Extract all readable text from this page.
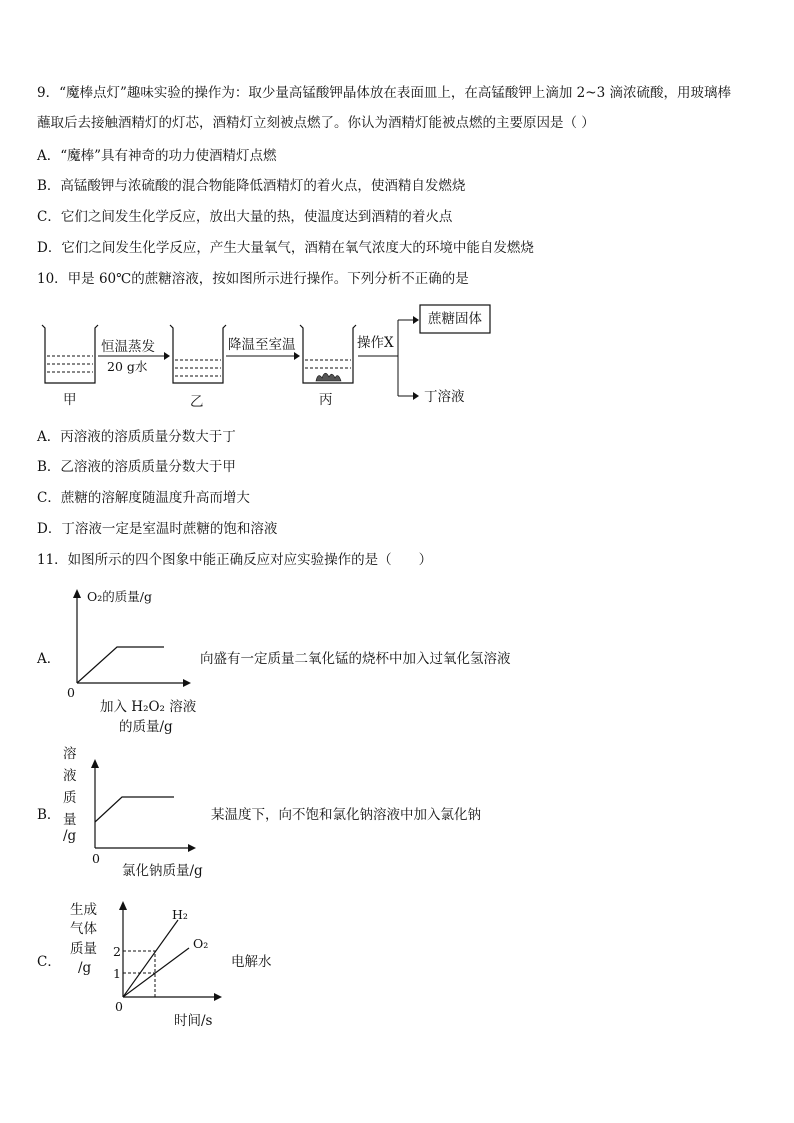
9．“魔棒点灯”趣味实验的操作为：取少量高锰酸钾晶体放在表面皿上，在高锰酸钾上滴加 2~3 滴浓硫酸，用玻璃棒
蘸取后去接触酒精灯的灯芯，酒精灯立刻被点燃了。你认为酒精灯能被点燃的主要原因是（ ）
A．“魔棒”具有神奇的功力使酒精灯点燃
B．高锰酸钾与浓硫酸的混合物能降低酒精灯的着火点，使酒精自发燃烧
C．它们之间发生化学反应，放出大量的热，使温度达到酒精的着火点
D．它们之间发生化学反应，产生大量氧气，酒精在氧气浓度大的环境中能自发燃烧
10．甲是 60℃的蔗糖溶液，按如图所示进行操作。下列分析不正确的是
恒温蒸发
20 g水
降温至室温	操作X
蔗糖固体
丁溶液
甲	乙	丙
A．丙溶液的溶质质量分数大于丁
B．乙溶液的溶质质量分数大于甲
C．蔗糖的溶解度随温度升高而增大
D．丁溶液一定是室温时蔗糖的饱和溶液
11．如图所示的四个图象中能正确反应对应实验操作的是（　　）
O₂的质量/g
0
A．
加入 H₂O₂ 溶液
的质量/g
向盛有一定质量二氧化锰的烧杯中加入过氧化氢溶液
溶
液
质
量
/g
B．
0
氯化钠质量/g
某温度下，向不饱和氯化钠溶液中加入氯化钠
生成
气体
质量
/g
C．
2
1
0
H₂
O₂
时间/s
电解水
